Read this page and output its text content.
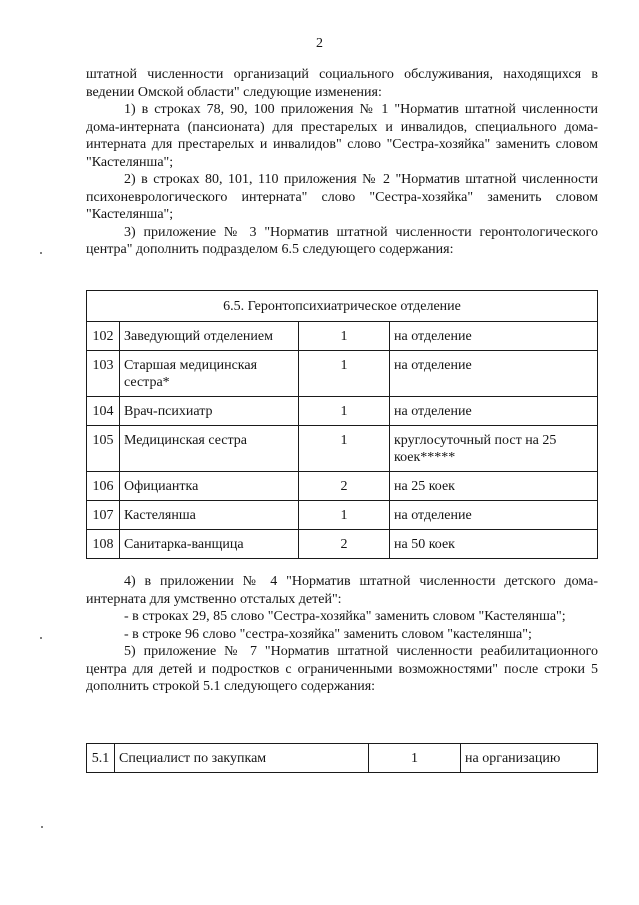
2

штатной численности организаций социального обслуживания, находящихся в ведении Омской области" следующие изменения:

1) в строках 78, 90, 100 приложения № 1 "Норматив штатной численности дома-интерната (пансионата) для престарелых и инвалидов, специального дома-интерната для престарелых и инвалидов" слово "Сестра-хозяйка" заменить словом "Кастелянша";

2) в строках 80, 101, 110 приложения № 2 "Норматив штатной численности психоневрологического интерната" слово "Сестра-хозяйка" заменить словом "Кастелянша";

3) приложение № 3 "Норматив штатной численности геронтологического центра" дополнить подразделом 6.5 следующего содержания:

6.5. Геронтопсихиатрическое отделение			
102	Заведующий отделением	1	на отделение
103	Старшая медицинская сестра*	1	на отделение
104	Врач-психиатр	1	на отделение
105	Медицинская сестра	1	круглосуточный пост на 25 коек*****
106	Официантка	2	на 25 коек
107	Кастелянша	1	на отделение
108	Санитарка-ванщица	2	на 50 коек

4) в приложении № 4 "Норматив штатной численности детского дома-интерната для умственно отсталых детей":

- в строках 29, 85 слово "Сестра-хозяйка" заменить словом "Кастелянша";

- в строке 96 слово "сестра-хозяйка" заменить словом "кастелянша";

5) приложение № 7 "Норматив штатной численности реабилитационного центра для детей и подростков с ограниченными возможностями" после строки 5 дополнить строкой 5.1 следующего содержания:

5.1	Специалист по закупкам	1	на организацию
